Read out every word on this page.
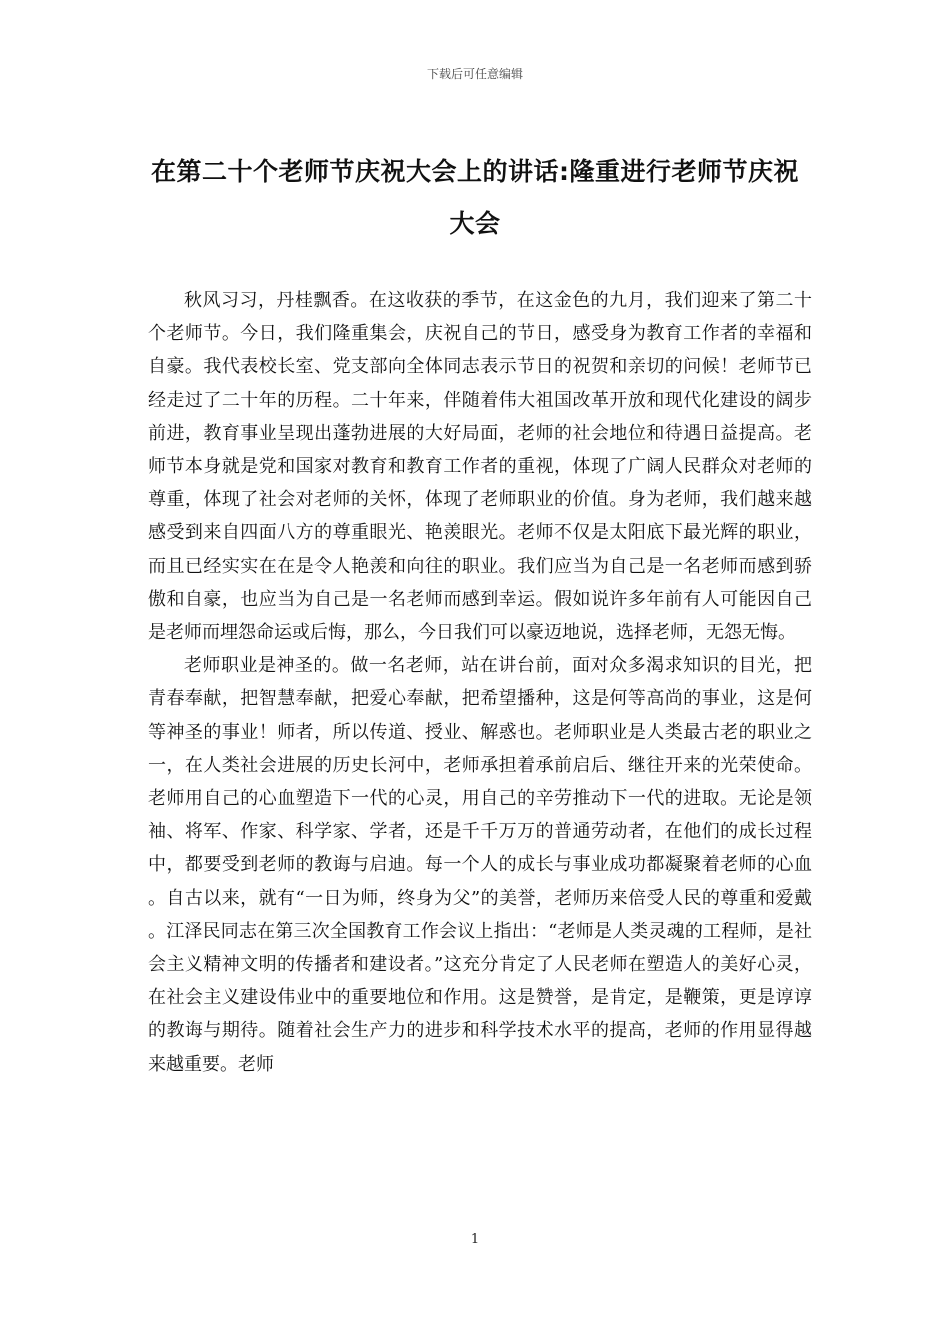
下载后可任意编辑
在第二十个老师节庆祝大会上的讲话:隆重进行老师节庆祝大会

秋风习习，丹桂飘香。在这收获的季节，在这金色的九月，我们迎来了第二十个老师节。今日，我们隆重集会，庆祝自己的节日，感受身为教育工作者的幸福和自豪。我代表校长室、党支部向全体同志表示节日的祝贺和亲切的问候！老师节已经走过了二十年的历程。二十年来，伴随着伟大祖国改革开放和现代化建设的阔步前进，教育事业呈现出蓬勃进展的大好局面，老师的社会地位和待遇日益提高。老师节本身就是党和国家对教育和教育工作者的重视，体现了广阔人民群众对老师的尊重，体现了社会对老师的关怀，体现了老师职业的价值。身为老师，我们越来越感受到来自四面八方的尊重眼光、艳羡眼光。老师不仅是太阳底下最光辉的职业，而且已经实实在在是令人艳羡和向往的职业。我们应当为自己是一名老师而感到骄傲和自豪，也应当为自己是一名老师而感到幸运。假如说许多年前有人可能因自己是老师而埋怨命运或后悔，那么，今日我们可以豪迈地说，选择老师，无怨无悔。

老师职业是神圣的。做一名老师，站在讲台前，面对众多渴求知识的目光，把青春奉献，把智慧奉献，把爱心奉献，把希望播种，这是何等高尚的事业，这是何等神圣的事业！师者，所以传道、授业、解惑也。老师职业是人类最古老的职业之一，在人类社会进展的历史长河中，老师承担着承前启后、继往开来的光荣使命。老师用自己的心血塑造下一代的心灵，用自己的辛劳推动下一代的进取。无论是领袖、将军、作家、科学家、学者，还是千千万万的普通劳动者，在他们的成长过程中，都要受到老师的教诲与启迪。每一个人的成长与事业成功都凝聚着老师的心血。自古以来，就有“一日为师，终身为父”的美誉，老师历来倍受人民的尊重和爱戴。江泽民同志在第三次全国教育工作会议上指出：“老师是人类灵魂的工程师，是社会主义精神文明的传播者和建设者。”这充分肯定了人民老师在塑造人的美好心灵，在社会主义建设伟业中的重要地位和作用。这是赞誉，是肯定，是鞭策，更是谆谆的教诲与期待。随着社会生产力的进步和科学技术水平的提高，老师的作用显得越来越重要。老师

1
